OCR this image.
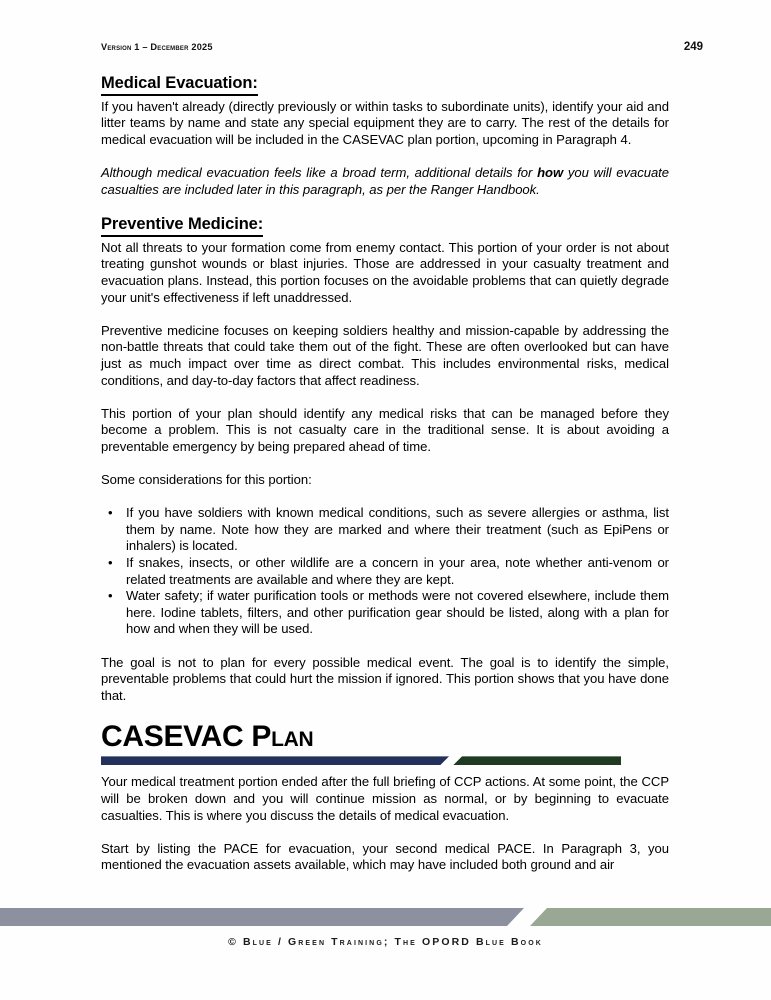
Version 1 – December 2025	249
Medical Evacuation:

If you haven't already (directly previously or within tasks to subordinate units), identify your aid and litter teams by name and state any special equipment they are to carry. The rest of the details for medical evacuation will be included in the CASEVAC plan portion, upcoming in Paragraph 4.

Although medical evacuation feels like a broad term, additional details for how you will evacuate casualties are included later in this paragraph, as per the Ranger Handbook.

Preventive Medicine:

Not all threats to your formation come from enemy contact. This portion of your order is not about treating gunshot wounds or blast injuries. Those are addressed in your casualty treatment and evacuation plans. Instead, this portion focuses on the avoidable problems that can quietly degrade your unit's effectiveness if left unaddressed.

Preventive medicine focuses on keeping soldiers healthy and mission-capable by addressing the non-battle threats that could take them out of the fight. These are often overlooked but can have just as much impact over time as direct combat. This includes environmental risks, medical conditions, and day-to-day factors that affect readiness.

This portion of your plan should identify any medical risks that can be managed before they become a problem. This is not casualty care in the traditional sense. It is about avoiding a preventable emergency by being prepared ahead of time.

Some considerations for this portion:

• If you have soldiers with known medical conditions, such as severe allergies or asthma, list them by name. Note how they are marked and where their treatment (such as EpiPens or inhalers) is located.
• If snakes, insects, or other wildlife are a concern in your area, note whether anti-venom or related treatments are available and where they are kept.
• Water safety; if water purification tools or methods were not covered elsewhere, include them here. Iodine tablets, filters, and other purification gear should be listed, along with a plan for how and when they will be used.

The goal is not to plan for every possible medical event. The goal is to identify the simple, preventable problems that could hurt the mission if ignored. This portion shows that you have done that.

CASEVAC Plan

Your medical treatment portion ended after the full briefing of CCP actions. At some point, the CCP will be broken down and you will continue mission as normal, or by beginning to evacuate casualties. This is where you discuss the details of medical evacuation.

Start by listing the PACE for evacuation, your second medical PACE. In Paragraph 3, you mentioned the evacuation assets available, which may have included both ground and air

© Blue / Green Training; The OPORD Blue Book
